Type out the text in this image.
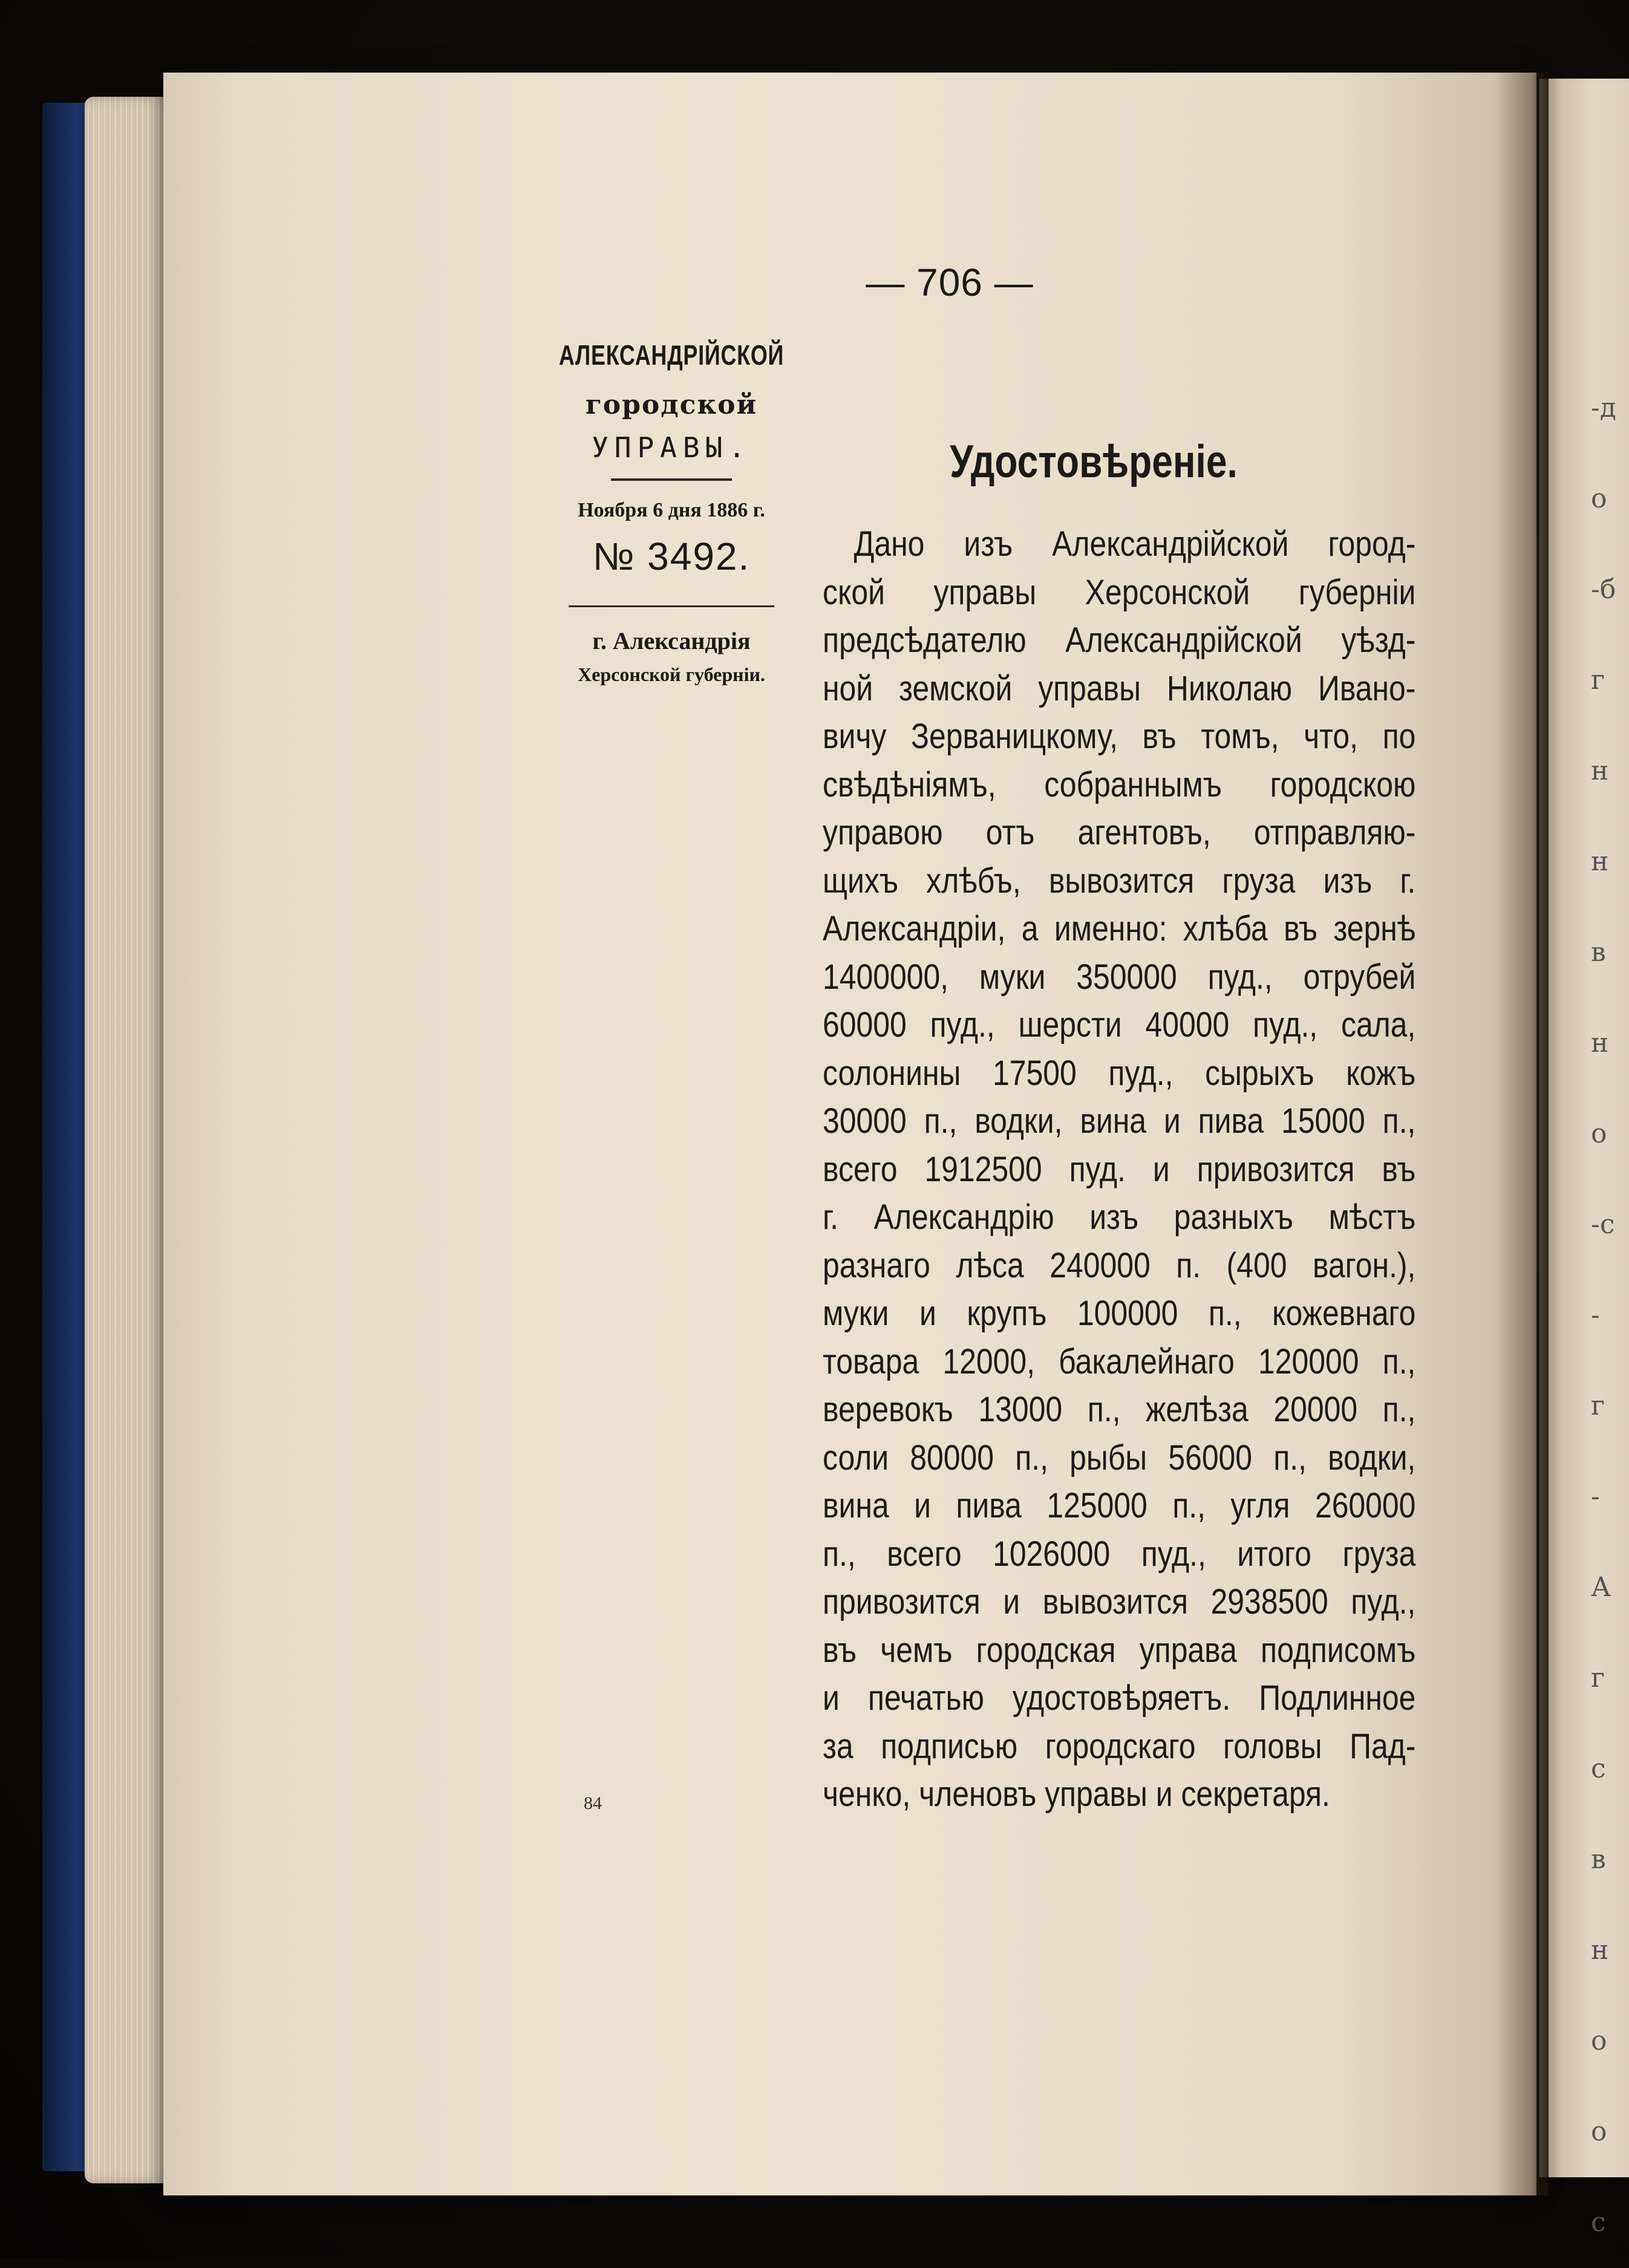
-д
о
-б
г
н
н
в
н
о
-с
-
г
-
А
г
с
в
н
о
о
с
— 706 —
АЛЕКСАНДРІЙСКОЙ
городской
УПРАВЫ.
Ноября 6 дня 1886 г.
№ 3492.
г. Александрія
Херсонской губерніи.
Удостовѣреніе.
Дано изъ Александрійской город-
ской управы Херсонской губерніи
предсѣдателю Александрійской уѣзд-
ной земской управы Николаю Ивано-
вичу Зерваницкому, въ томъ, что, по
свѣдѣніямъ, собраннымъ городскою
управою отъ агентовъ, отправляю-
щихъ хлѣбъ, вывозится груза изъ г.
Александріи, а именно: хлѣба въ зернѣ
1400000, муки 350000 пуд., отрубей
60000 пуд., шерсти 40000 пуд., сала,
солонины 17500 пуд., сырыхъ кожъ
30000 п., водки, вина и пива 15000 п.,
всего 1912500 пуд. и привозится въ
г. Александрію изъ разныхъ мѣстъ
разнаго лѣса 240000 п. (400 вагон.),
муки и крупъ 100000 п., кожевнаго
товара 12000, бакалейнаго 120000 п.,
веревокъ 13000 п., желѣза 20000 п.,
соли 80000 п., рыбы 56000 п., водки,
вина и пива 125000 п., угля 260000
п., всего 1026000 пуд., итого груза
привозится и вывозится 2938500 пуд.,
въ чемъ городская управа подписомъ
и печатью удостовѣряетъ. Подлинное
за подписью городскаго головы Пад-
ченко, членовъ управы и секретаря.
84
